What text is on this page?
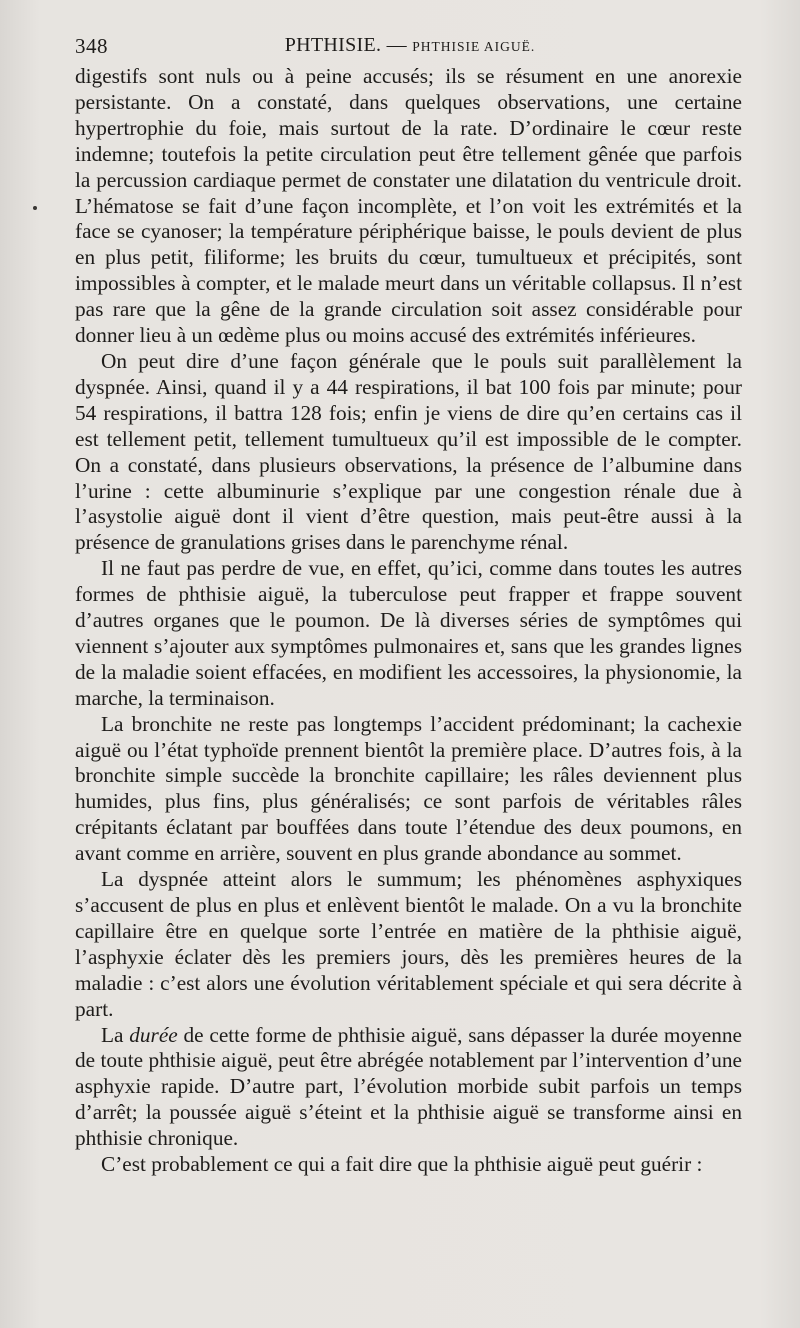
348	PHTHISIE. — PHTHISIE AIGUË.

digestifs sont nuls ou à peine accusés; ils se résument en une anorexie persistante. On a constaté, dans quelques observations, une certaine hypertrophie du foie, mais surtout de la rate. D’ordinaire le cœur reste indemne; toutefois la petite circulation peut être tellement gênée que parfois la percussion cardiaque permet de constater une dilatation du ventricule droit. L’hématose se fait d’une façon incomplète, et l’on voit les extrémités et la face se cyanoser; la température périphérique baisse, le pouls devient de plus en plus petit, filiforme; les bruits du cœur, tumultueux et précipités, sont impossibles à compter, et le malade meurt dans un véritable collapsus. Il n’est pas rare que la gêne de la grande circulation soit assez considérable pour donner lieu à un œdème plus ou moins accusé des extrémités inférieures.

On peut dire d’une façon générale que le pouls suit parallèlement la dyspnée. Ainsi, quand il y a 44 respirations, il bat 100 fois par minute; pour 54 respirations, il battra 128 fois; enfin je viens de dire qu’en certains cas il est tellement petit, tellement tumultueux qu’il est impossible de le compter. On a constaté, dans plusieurs observations, la présence de l’albumine dans l’urine : cette albuminurie s’explique par une congestion rénale due à l’asystolie aiguë dont il vient d’être question, mais peut-être aussi à la présence de granulations grises dans le parenchyme rénal.

Il ne faut pas perdre de vue, en effet, qu’ici, comme dans toutes les autres formes de phthisie aiguë, la tuberculose peut frapper et frappe souvent d’autres organes que le poumon. De là diverses séries de symptômes qui viennent s’ajouter aux symptômes pulmonaires et, sans que les grandes lignes de la maladie soient effacées, en modifient les accessoires, la physionomie, la marche, la terminaison.

La bronchite ne reste pas longtemps l’accident prédominant; la cachexie aiguë ou l’état typhoïde prennent bientôt la première place. D’autres fois, à la bronchite simple succède la bronchite capillaire; les râles deviennent plus humides, plus fins, plus généralisés; ce sont parfois de véritables râles crépitants éclatant par bouffées dans toute l’étendue des deux poumons, en avant comme en arrière, souvent en plus grande abondance au sommet.

La dyspnée atteint alors le summum; les phénomènes asphyxiques s’accusent de plus en plus et enlèvent bientôt le malade. On a vu la bronchite capillaire être en quelque sorte l’entrée en matière de la phthisie aiguë, l’asphyxie éclater dès les premiers jours, dès les premières heures de la maladie : c’est alors une évolution véritablement spéciale et qui sera décrite à part.

La durée de cette forme de phthisie aiguë, sans dépasser la durée moyenne de toute phthisie aiguë, peut être abrégée notablement par l’intervention d’une asphyxie rapide. D’autre part, l’évolution morbide subit parfois un temps d’arrêt; la poussée aiguë s’éteint et la phthisie aiguë se transforme ainsi en phthisie chronique.

C’est probablement ce qui a fait dire que la phthisie aiguë peut guérir :
